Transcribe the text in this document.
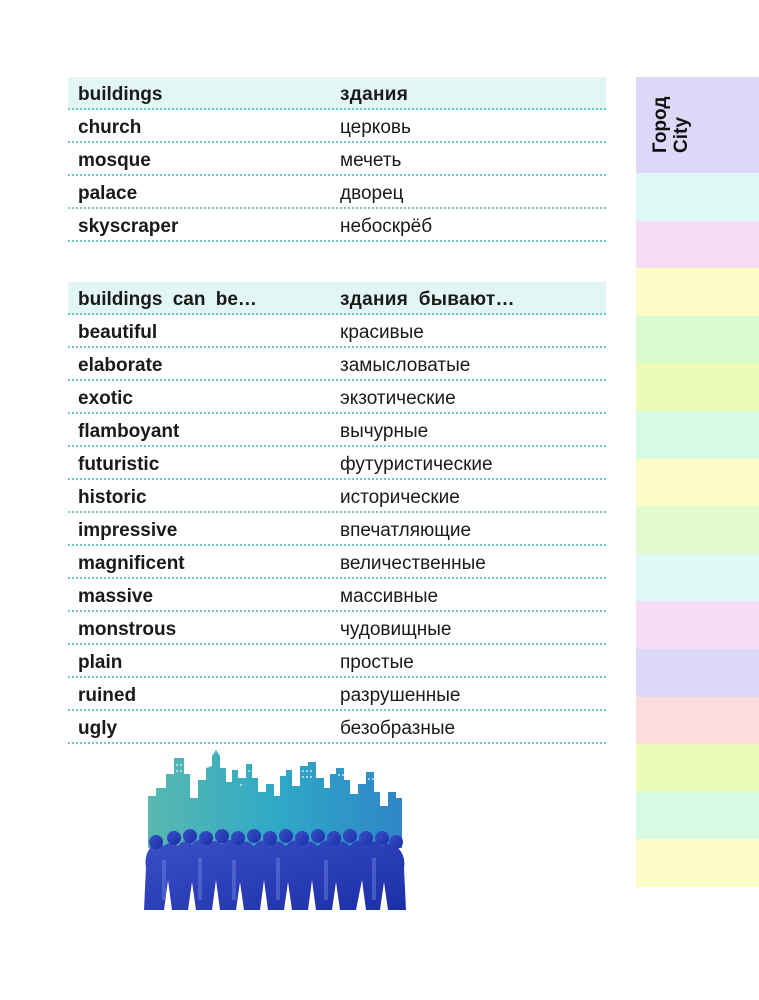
buildings	здания
church	церковь
mosque	мечеть
palace	дворец
skyscraper	небоскрёб
buildings can be…	здания бывают…
beautiful	красивые
elaborate	замысловатые
exotic	экзотические
flamboyant	вычурные
futuristic	футуристические
historic	исторические
impressive	впечатляющие
magnificent	величественные
massive	массивные
monstrous	чудовищные
plain	простые
ruined	разрушенные
ugly	безобразные
Город City
